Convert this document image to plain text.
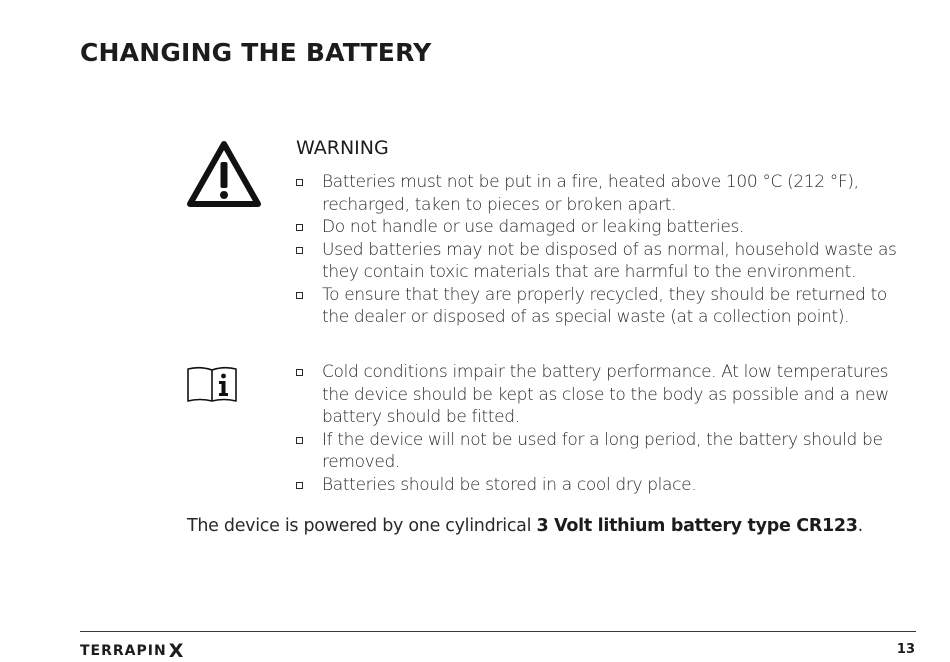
CHANGING THE BATTERY
WARNING
Batteries must not be put in a fire, heated above 100 °C (212 °F), recharged, taken to pieces or broken apart.
Do not handle or use damaged or leaking batteries.
Used batteries may not be disposed of as normal, household waste as they contain toxic materials that are harmful to the environment.
To ensure that they are properly recycled, they should be returned to the dealer or disposed of as special waste (at a collection point).
Cold conditions impair the battery performance. At low temperatures the device should be kept as close to the body as possible and a new battery should be fitted.
If the device will not be used for a long period, the battery should be removed.
Batteries should be stored in a cool dry place.

The device is powered by one cylindrical 3 Volt lithium battery type CR123.

TERRAPIN X	13
